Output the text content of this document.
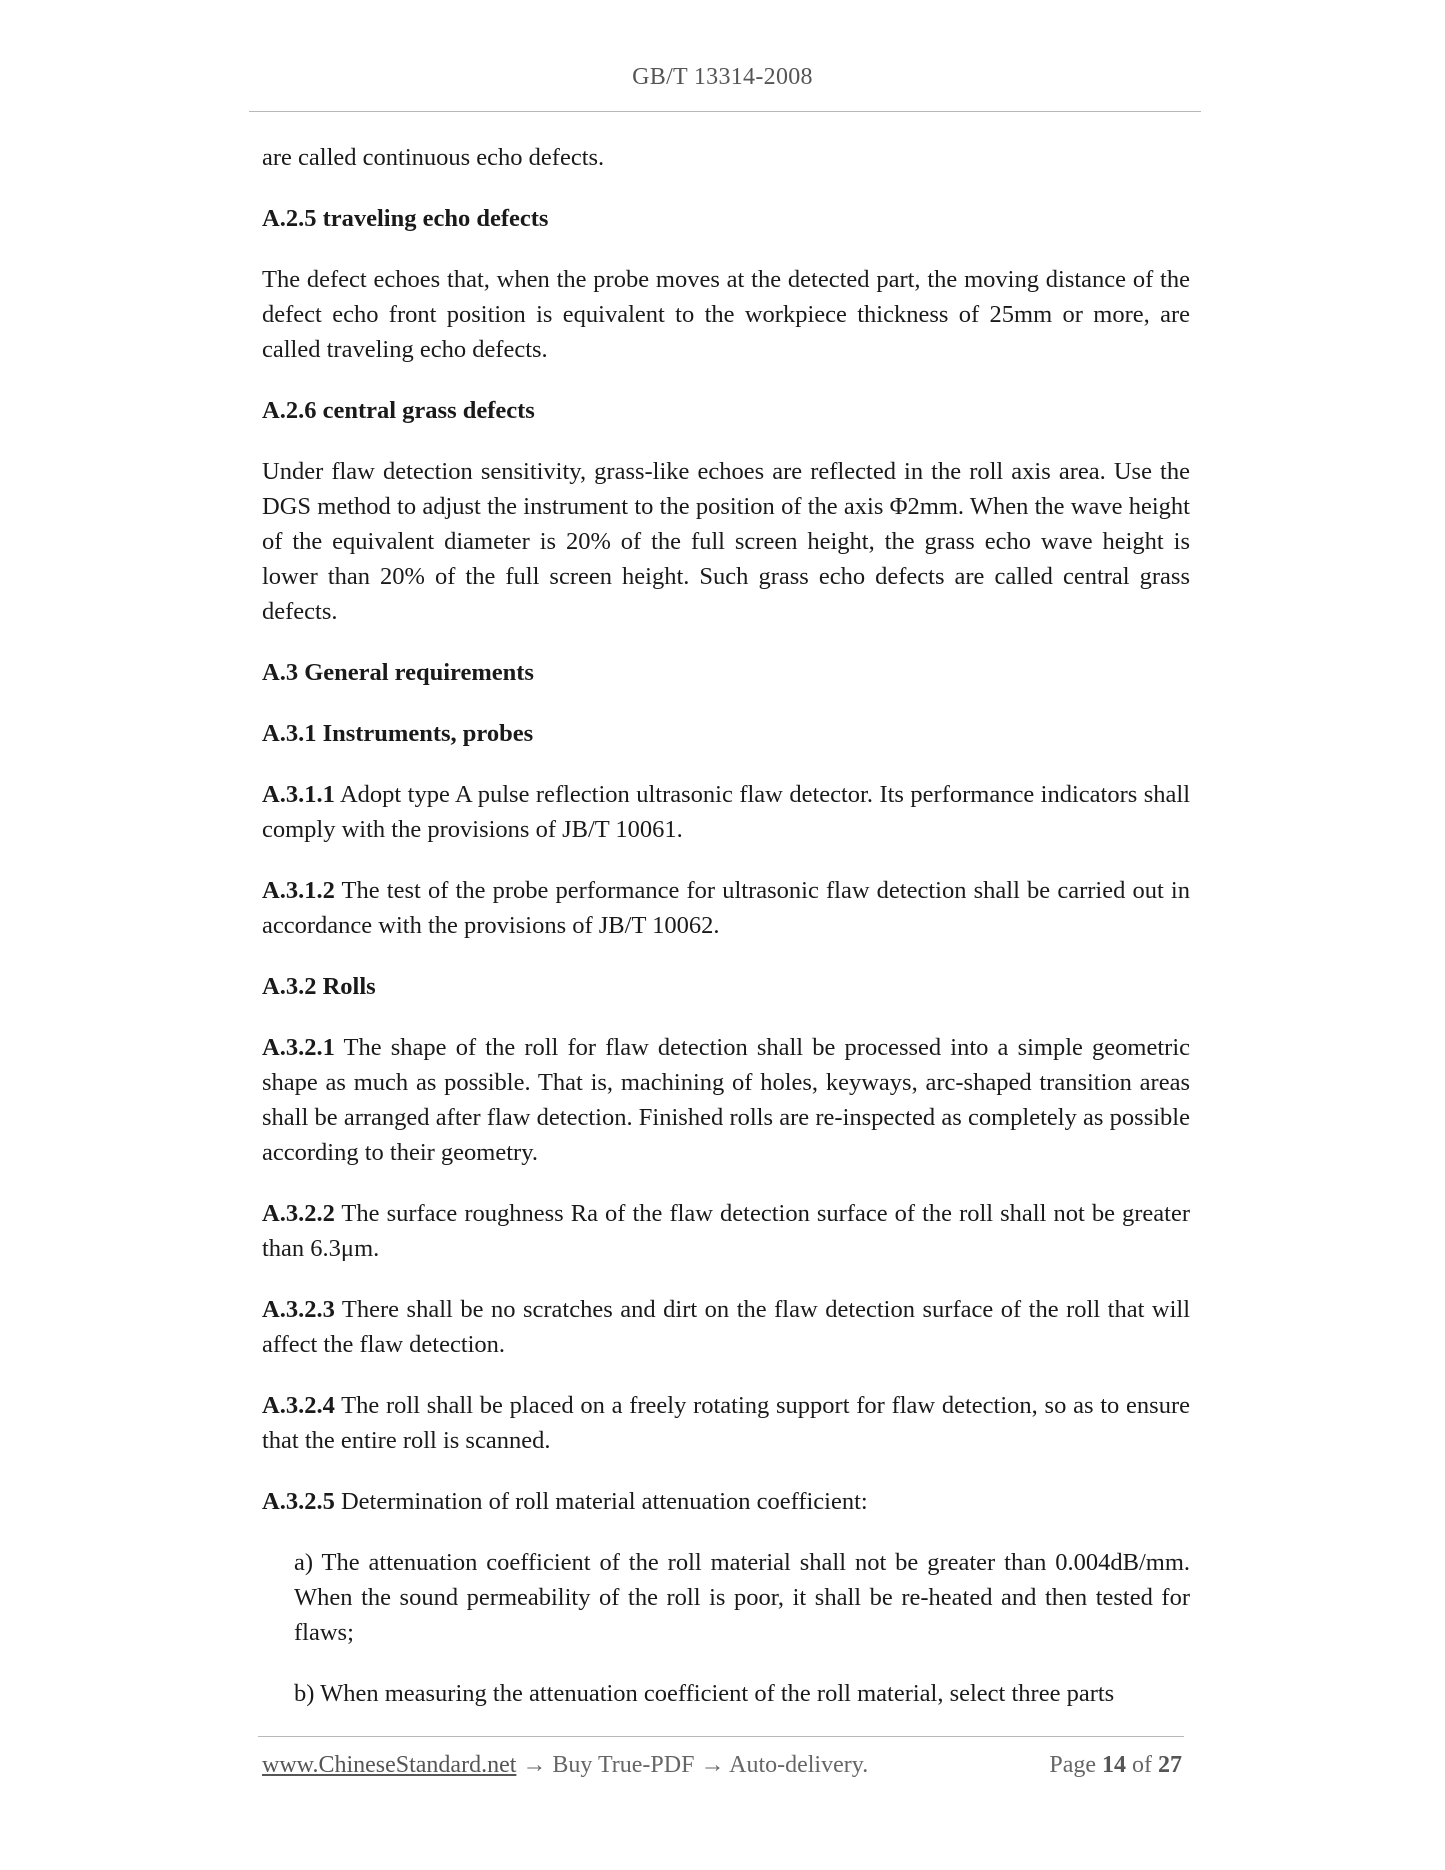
GB/T 13314-2008

are called continuous echo defects.

A.2.5 traveling echo defects

The defect echoes that, when the probe moves at the detected part, the moving distance of the defect echo front position is equivalent to the workpiece thickness of 25mm or more, are called traveling echo defects.

A.2.6 central grass defects

Under flaw detection sensitivity, grass-like echoes are reflected in the roll axis area. Use the DGS method to adjust the instrument to the position of the axis Φ2mm. When the wave height of the equivalent diameter is 20% of the full screen height, the grass echo wave height is lower than 20% of the full screen height. Such grass echo defects are called central grass defects.

A.3 General requirements

A.3.1 Instruments, probes

A.3.1.1 Adopt type A pulse reflection ultrasonic flaw detector. Its performance indicators shall comply with the provisions of JB/T 10061.

A.3.1.2 The test of the probe performance for ultrasonic flaw detection shall be carried out in accordance with the provisions of JB/T 10062.

A.3.2 Rolls

A.3.2.1 The shape of the roll for flaw detection shall be processed into a simple geometric shape as much as possible. That is, machining of holes, keyways, arc-shaped transition areas shall be arranged after flaw detection. Finished rolls are re-inspected as completely as possible according to their geometry.

A.3.2.2 The surface roughness Ra of the flaw detection surface of the roll shall not be greater than 6.3μm.

A.3.2.3 There shall be no scratches and dirt on the flaw detection surface of the roll that will affect the flaw detection.

A.3.2.4 The roll shall be placed on a freely rotating support for flaw detection, so as to ensure that the entire roll is scanned.

A.3.2.5 Determination of roll material attenuation coefficient:

a) The attenuation coefficient of the roll material shall not be greater than 0.004dB/mm. When the sound permeability of the roll is poor, it shall be re-heated and then tested for flaws;

b) When measuring the attenuation coefficient of the roll material, select three parts

www.ChineseStandard.net → Buy True-PDF → Auto-delivery.	Page 14 of 27
